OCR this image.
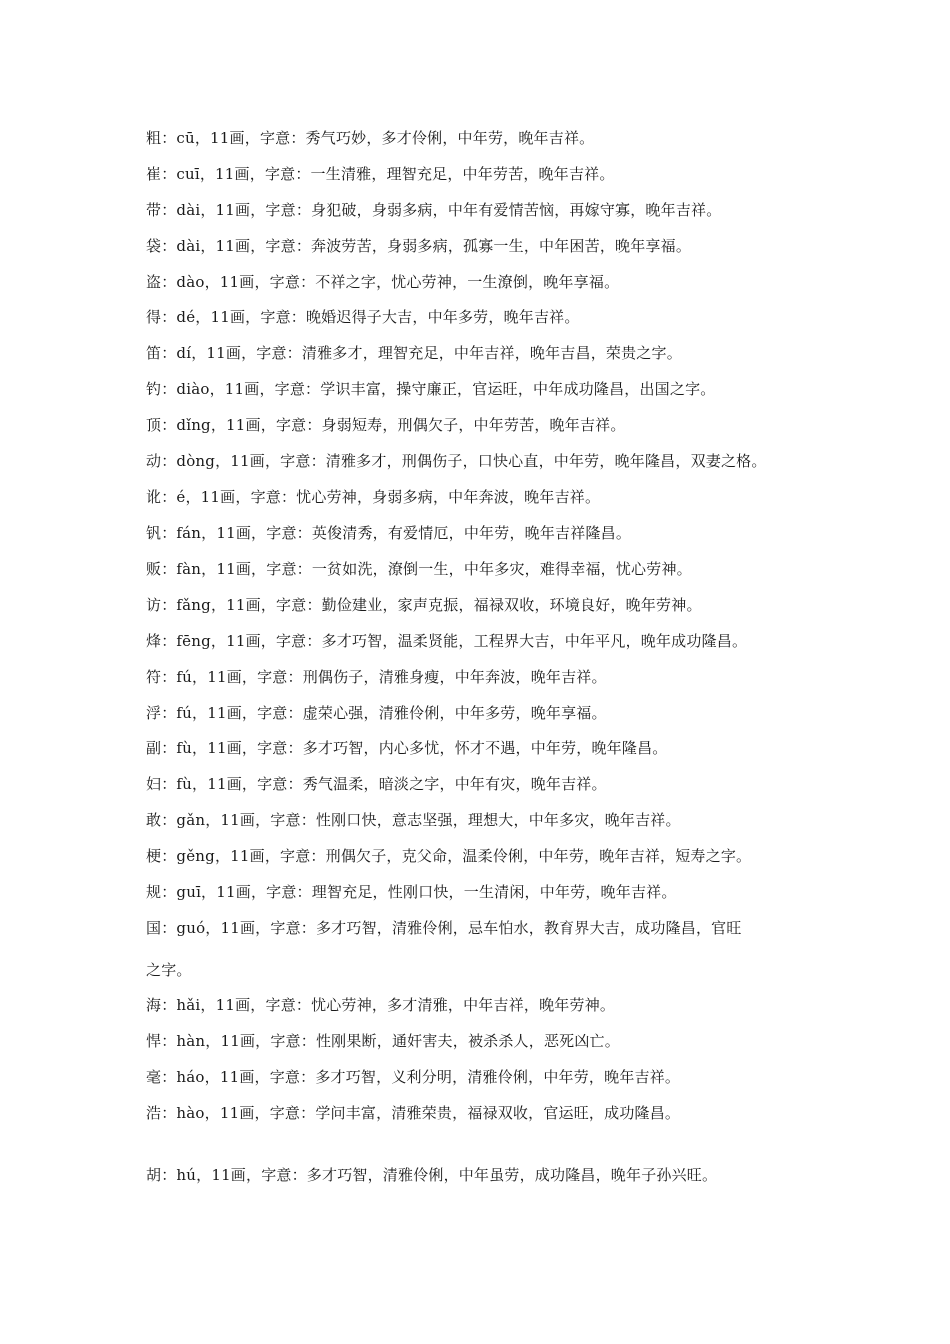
粗：cū，11画，字意：秀气巧妙，多才伶俐，中年劳，晚年吉祥。
崔：cuī，11画，字意：一生清雅，理智充足，中年劳苦，晚年吉祥。
带：dài，11画，字意：身犯破，身弱多病，中年有爱情苦恼，再嫁守寡，晚年吉祥。
袋：dài，11画，字意：奔波劳苦，身弱多病，孤寡一生，中年困苦，晚年享福。
盗：dào，11画，字意：不祥之字，忧心劳神，一生潦倒，晚年享福。
得：dé，11画，字意：晚婚迟得子大吉，中年多劳，晚年吉祥。
笛：dí，11画，字意：清雅多才，理智充足，中年吉祥，晚年吉昌，荣贵之字。
钓：diào，11画，字意：学识丰富，操守廉正，官运旺，中年成功隆昌，出国之字。
顶：dǐng，11画，字意：身弱短寿，刑偶欠子，中年劳苦，晚年吉祥。
动：dòng，11画，字意：清雅多才，刑偶伤子，口快心直，中年劳，晚年隆昌，双妻之格。
讹：é，11画，字意：忧心劳神，身弱多病，中年奔波，晚年吉祥。
钒：fán，11画，字意：英俊清秀，有爱情厄，中年劳，晚年吉祥隆昌。
贩：fàn，11画，字意：一贫如洗，潦倒一生，中年多灾，难得幸福，忧心劳神。
访：fǎng，11画，字意：勤俭建业，家声克振，福禄双收，环境良好，晚年劳神。
烽：fēng，11画，字意：多才巧智，温柔贤能，工程界大吉，中年平凡，晚年成功隆昌。
符：fú，11画，字意：刑偶伤子，清雅身瘦，中年奔波，晚年吉祥。
浮：fú，11画，字意：虚荣心强，清雅伶俐，中年多劳，晚年享福。
副：fù，11画，字意：多才巧智，内心多忧，怀才不遇，中年劳，晚年隆昌。
妇：fù，11画，字意：秀气温柔，暗淡之字，中年有灾，晚年吉祥。
敢：gǎn，11画，字意：性刚口快，意志坚强，理想大，中年多灾，晚年吉祥。
梗：gěng，11画，字意：刑偶欠子，克父命，温柔伶俐，中年劳，晚年吉祥，短寿之字。
规：guī，11画，字意：理智充足，性刚口快，一生清闲，中年劳，晚年吉祥。
国：guó，11画，字意：多才巧智，清雅伶俐，忌车怕水，教育界大吉，成功隆昌，官旺
之字。
海：hǎi，11画，字意：忧心劳神，多才清雅，中年吉祥，晚年劳神。
悍：hàn，11画，字意：性刚果断，通奸害夫，被杀杀人，恶死凶亡。
毫：háo，11画，字意：多才巧智，义利分明，清雅伶俐，中年劳，晚年吉祥。
浩：hào，11画，字意：学问丰富，清雅荣贵，福禄双收，官运旺，成功隆昌。
胡：hú，11画，字意：多才巧智，清雅伶俐，中年虽劳，成功隆昌，晚年子孙兴旺。
